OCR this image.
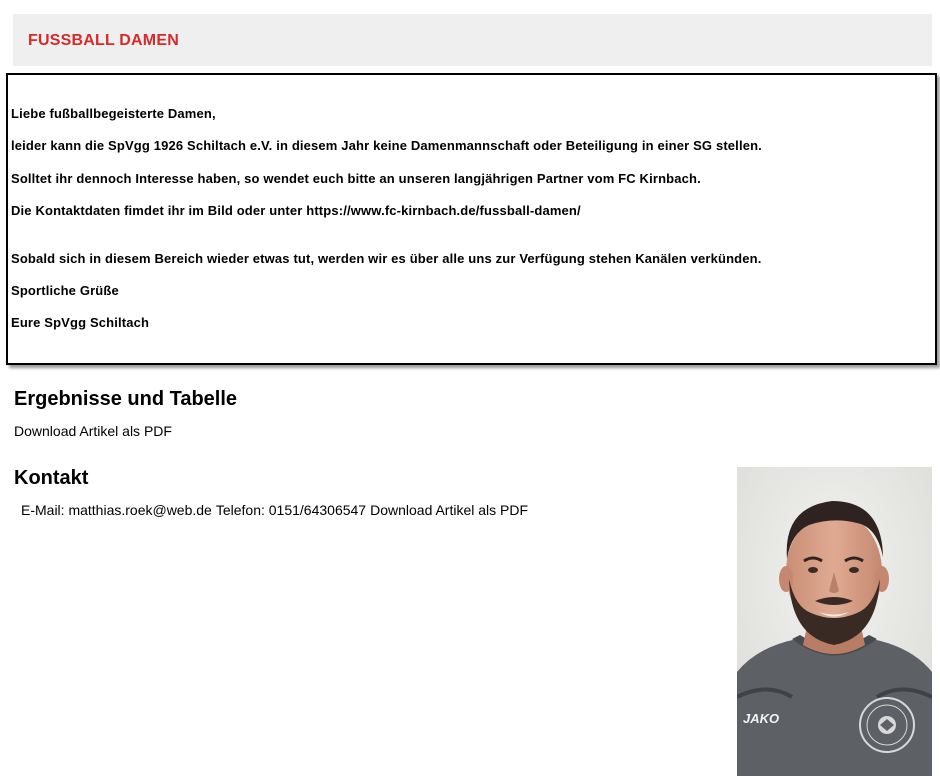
FUSSBALL DAMEN

Liebe fußballbegeisterte Damen,

leider kann die SpVgg 1926 Schiltach e.V. in diesem Jahr keine Damenmannschaft oder Beteiligung in einer SG stellen.

Solltet ihr dennoch Interesse haben, so wendet euch bitte an unseren langjährigen Partner vom FC Kirnbach.

Die Kontaktdaten fimdet ihr im Bild oder unter https://www.fc-kirnbach.de/fussball-damen/

Sobald sich in diesem Bereich wieder etwas tut, werden wir es über alle uns zur Verfügung stehen Kanälen verkünden.

Sportliche Grüße

Eure SpVgg Schiltach

Ergebnisse und Tabelle
Download Artikel als PDF
Kontakt
E-Mail: matthias.roek@web.de Telefon: 0151/64306547 Download Artikel als PDF
JAKO
